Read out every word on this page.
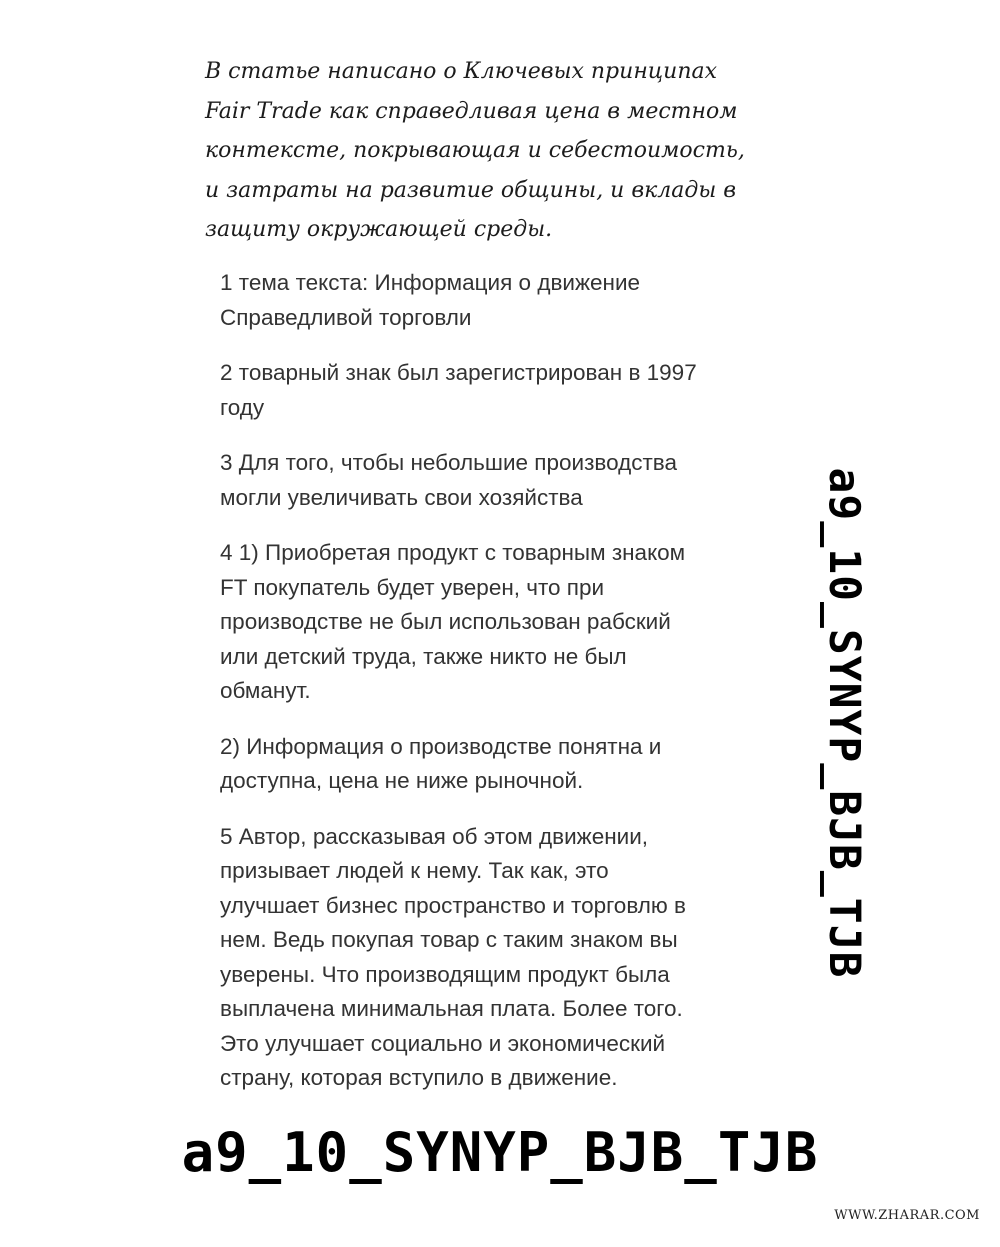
В статье написано о Ключевых принципах
Fair Trade как справедливая цена в местном
контексте, покрывающая и себестоимость,
и затраты на развитие общины, и вклады в
защиту окружающей среды.
1 тема текста: Информация о движение
Справедливой торговли
2 товарный знак был зарегистрирован в 1997
году
3 Для того, чтобы небольшие производства
могли увеличивать свои хозяйства
4 1) Приобретая продукт с товарным знаком
FT покупатель будет уверен, что при
производстве не был использован рабский
или детский труда, также никто не был
обманут.
2) Информация о производстве понятна и
доступна, цена не ниже рыночной.
5 Автор, рассказывая об этом движении,
призывает людей к нему. Так как, это
улучшает бизнес пространство и торговлю в
нем. Ведь покупая товар с таким знаком вы
уверены. Что производящим продукт была
выплачена минимальная плата. Более того.
Это улучшает социально и экономический
страну, которая вступило в движение.
a9_10_SYNYP_BJB_TJB
a9_10_SYNYP_BJB_TJB
WWW.ZHARAR.COM
